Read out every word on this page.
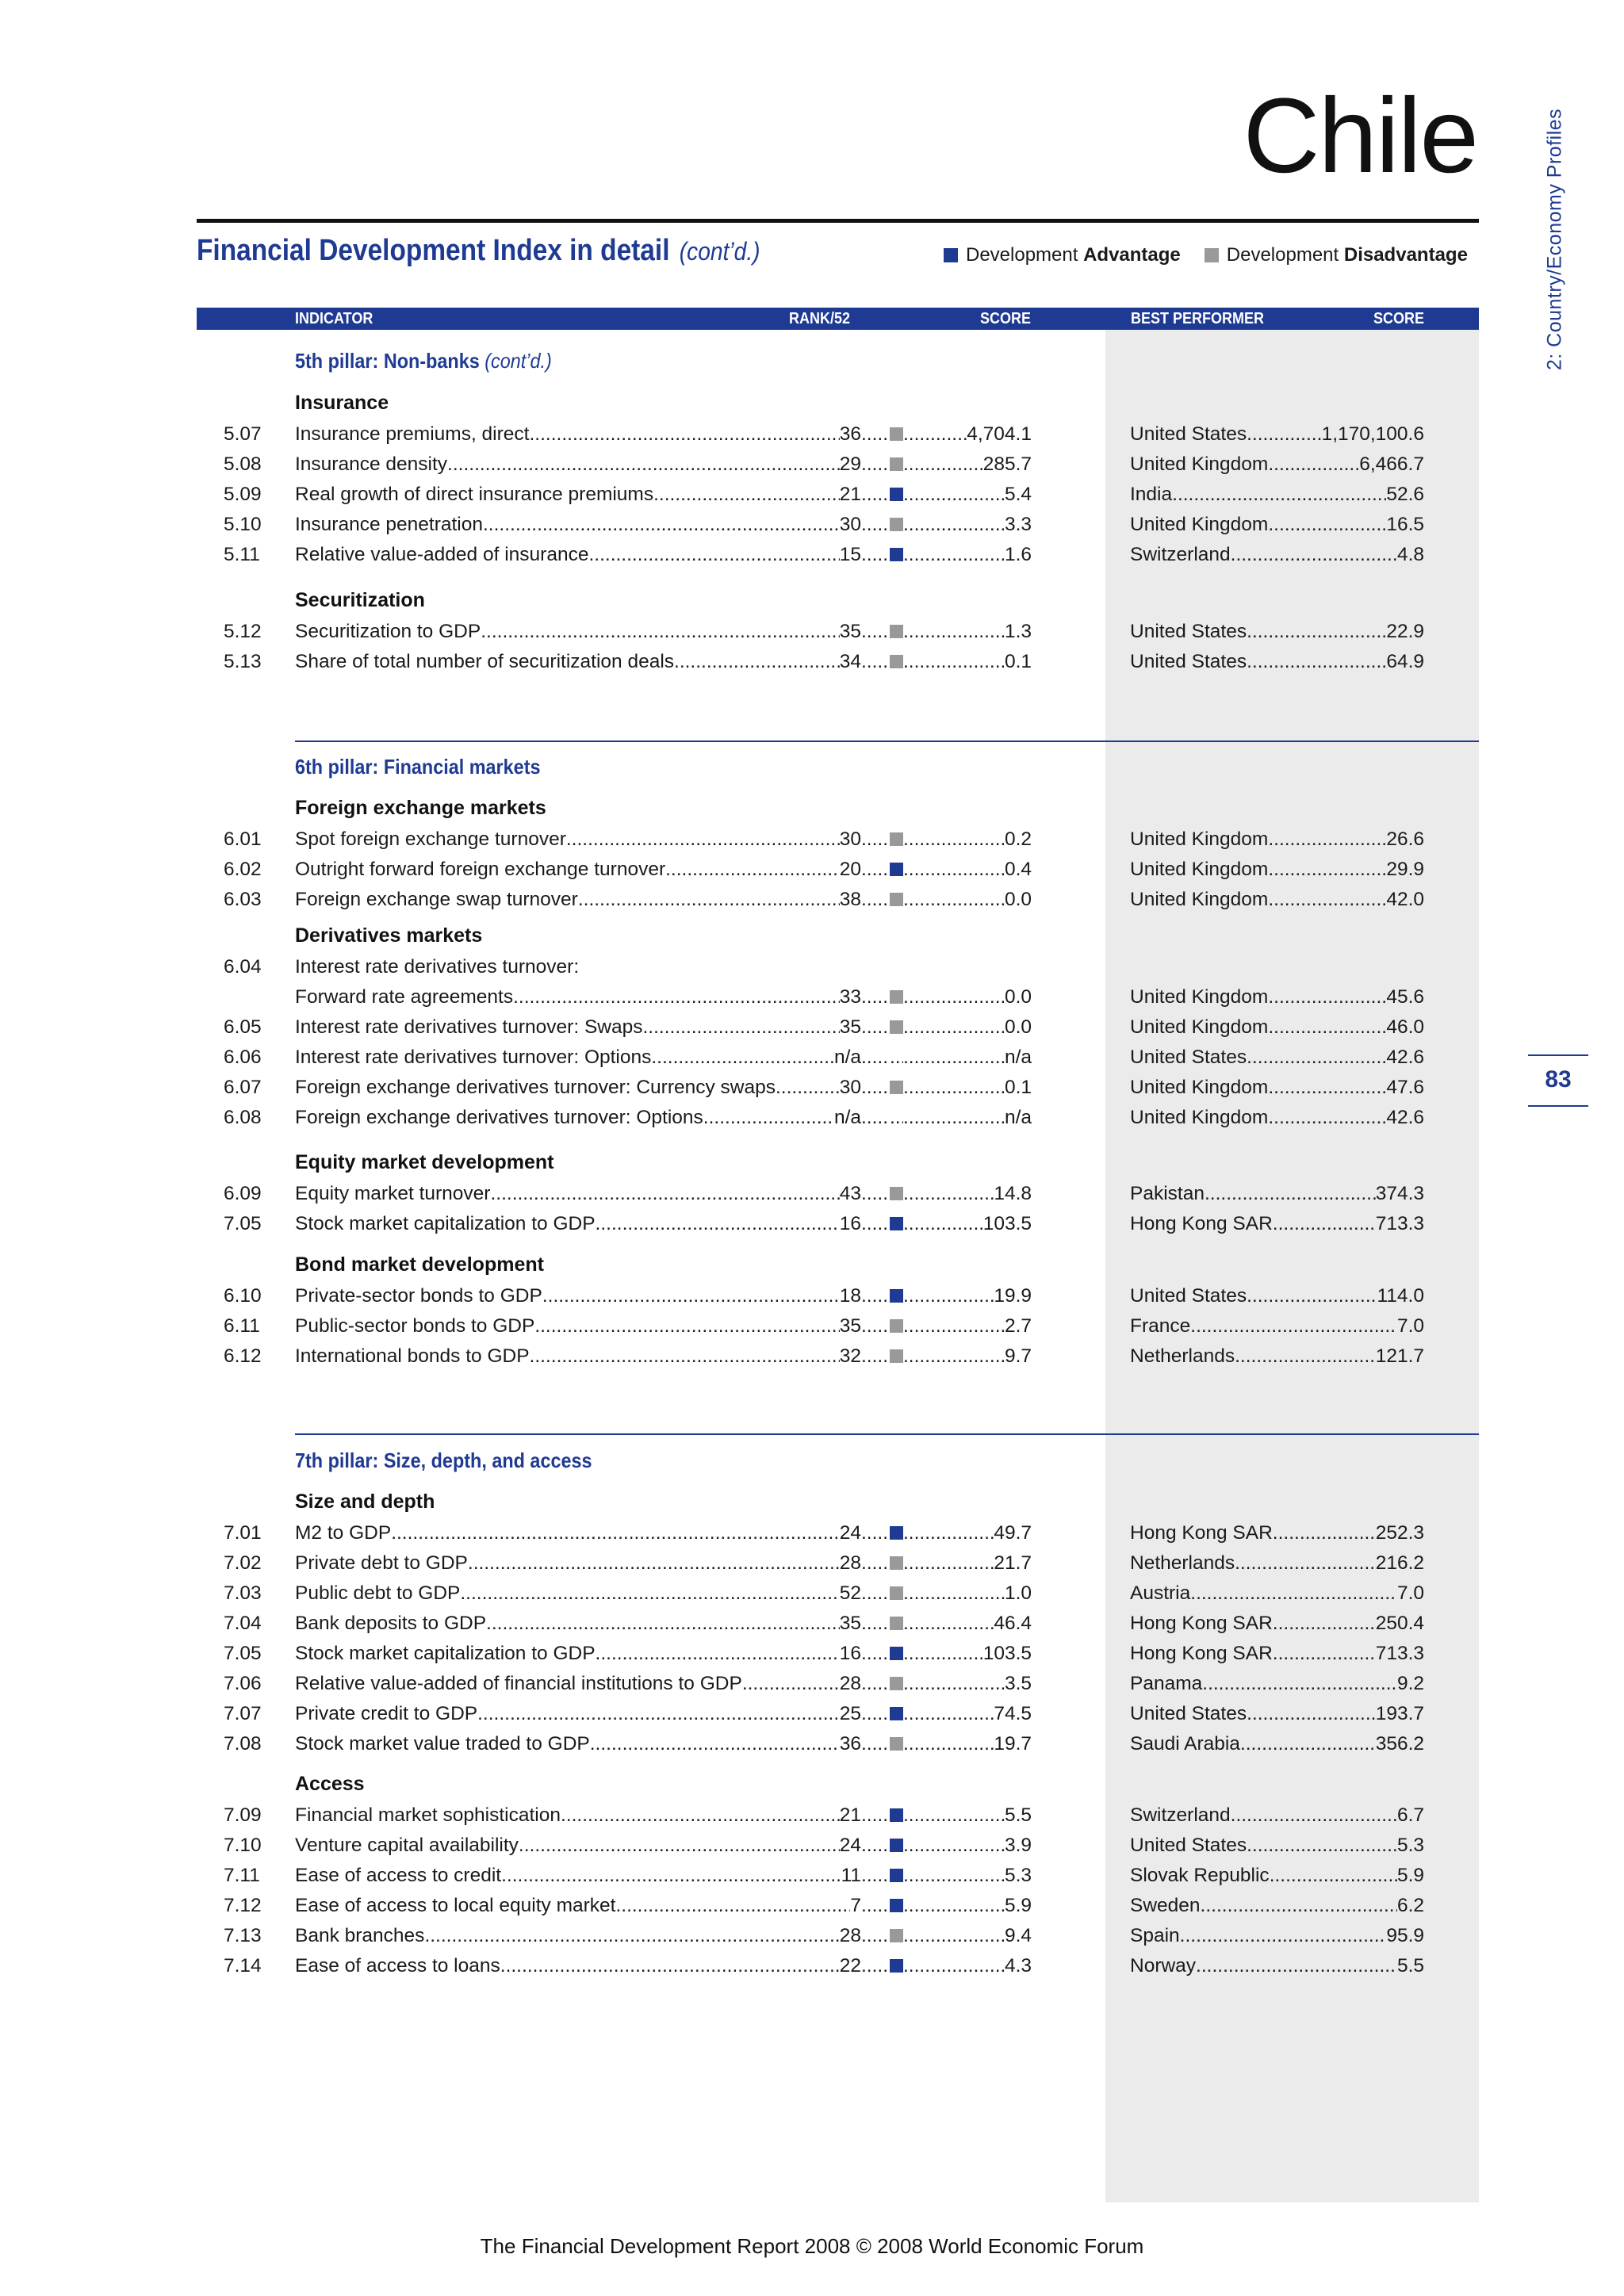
Chile	2: Country/Economy Profiles
83
Financial Development Index in detail (cont’d.)	Development Advantage Development Disadvantage
INDICATOR	RANK/52	SCORE	BEST PERFORMER	SCORE
5th pillar: Non-banks (cont’d.)
Insurance
5.07 Insurance premiums, direct .....	36 ..... .....	4,704.1	United States .....	1,170,100.6
5.08 Insurance density .....	29 ..... .....	285.7	United Kingdom .....	6,466.7
5.09 Real growth of direct insurance premiums .....	21 ..... .....	5.4	India .....	52.6
5.10 Insurance penetration .....	30 ..... .....	3.3	United Kingdom .....	16.5
5.11 Relative value-added of insurance .....	15 ..... .....	1.6	Switzerland .....	4.8
Securitization
5.12 Securitization to GDP .....	35 ..... .....	1.3	United States .....	22.9
5.13 Share of total number of securitization deals .....	34 ..... .....	0.1	United States .....	64.9
6th pillar: Financial markets
Foreign exchange markets
6.01 Spot foreign exchange turnover .....	30 ..... .....	0.2	United Kingdom .....	26.6
6.02 Outright forward foreign exchange turnover .....	20 ..... .....	0.4	United Kingdom .....	29.9
6.03 Foreign exchange swap turnover .....	38 ..... .....	0.0	United Kingdom .....	42.0
Derivatives markets
6.04 Interest rate derivatives turnover:
Forward rate agreements .....	33 ..... .....	0.0	United Kingdom .....	45.6
6.05 Interest rate derivatives turnover: Swaps .....	35 ..... .....	0.0	United Kingdom .....	46.0
6.06 Interest rate derivatives turnover: Options .....	n/a ..... ..... .....	n/a	United States .....	42.6
6.07 Foreign exchange derivatives turnover: Currency swaps .....	30 ..... .....	0.1	United Kingdom .....	47.6
6.08 Foreign exchange derivatives turnover: Options .....	n/a ..... ..... .....	n/a	United Kingdom .....	42.6
Equity market development
6.09 Equity market turnover .....	43 ..... .....	14.8	Pakistan .....	374.3
7.05 Stock market capitalization to GDP .....	16 ..... .....	103.5	Hong Kong SAR .....	713.3
Bond market development
6.10 Private-sector bonds to GDP .....	18 ..... .....	19.9	United States .....	114.0
6.11 Public-sector bonds to GDP .....	35 ..... .....	2.7	France .....	7.0
6.12 International bonds to GDP .....	32 ..... .....	9.7	Netherlands .....	121.7
7th pillar: Size, depth, and access
Size and depth
7.01 M2 to GDP .....	24 ..... .....	49.7	Hong Kong SAR .....	252.3
7.02 Private debt to GDP .....	28 ..... .....	21.7	Netherlands .....	216.2
7.03 Public debt to GDP .....	52 ..... .....	1.0	Austria .....	7.0
7.04 Bank deposits to GDP .....	35 ..... .....	46.4	Hong Kong SAR .....	250.4
7.05 Stock market capitalization to GDP .....	16 ..... .....	103.5	Hong Kong SAR .....	713.3
7.06 Relative value-added of financial institutions to GDP .....	28 ..... .....	3.5	Panama .....	9.2
7.07 Private credit to GDP .....	25 ..... .....	74.5	United States .....	193.7
7.08 Stock market value traded to GDP .....	36 ..... .....	19.7	Saudi Arabia .....	356.2
Access
7.09 Financial market sophistication .....	21 ..... .....	5.5	Switzerland .....	6.7
7.10 Venture capital availability .....	24 ..... .....	3.9	United States .....	5.3
7.11 Ease of access to credit .....	11 ..... .....	5.3	Slovak Republic .....	5.9
7.12 Ease of access to local equity market .....	7 ..... .....	5.9	Sweden .....	6.2
7.13 Bank branches .....	28 ..... .....	9.4	Spain .....	95.9
7.14 Ease of access to loans .....	22 ..... .....	4.3	Norway .....	5.5
The Financial Development Report 2008 © 2008 World Economic Forum
